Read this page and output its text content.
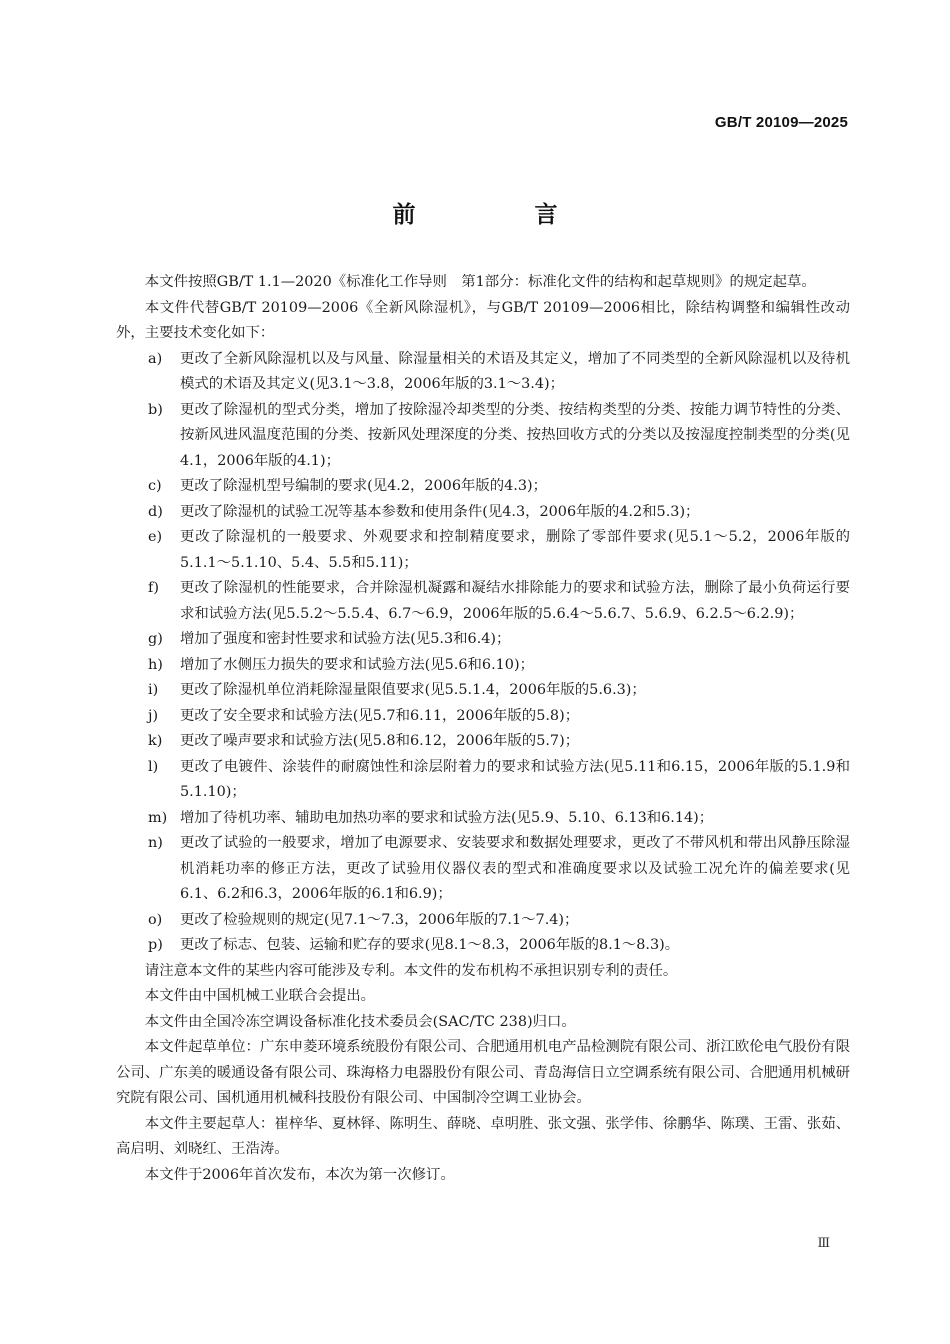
GB/T 20109—2025
前　言

本文件按照GB/T 1.1—2020《标准化工作导则　第1部分：标准化文件的结构和起草规则》的规定起草。

本文件代替GB/T 20109—2006《全新风除湿机》，与GB/T 20109—2006相比，除结构调整和编辑性改动外，主要技术变化如下：

a) 更改了全新风除湿机以及与风量、除湿量相关的术语及其定义，增加了不同类型的全新风除湿机以及待机模式的术语及其定义(见3.1～3.8，2006年版的3.1～3.4)；

b) 更改了除湿机的型式分类，增加了按除湿冷却类型的分类、按结构类型的分类、按能力调节特性的分类、按新风进风温度范围的分类、按新风处理深度的分类、按热回收方式的分类以及按湿度控制类型的分类(见4.1，2006年版的4.1)；

c) 更改了除湿机型号编制的要求(见4.2，2006年版的4.3)；

d) 更改了除湿机的试验工况等基本参数和使用条件(见4.3，2006年版的4.2和5.3)；

e) 更改了除湿机的一般要求、外观要求和控制精度要求，删除了零部件要求(见5.1～5.2，2006年版的5.1.1～5.1.10、5.4、5.5和5.11)；

f) 更改了除湿机的性能要求，合并除湿机凝露和凝结水排除能力的要求和试验方法，删除了最小负荷运行要求和试验方法(见5.5.2～5.5.4、6.7～6.9，2006年版的5.6.4～5.6.7、5.6.9、6.2.5～6.2.9)；

g) 增加了强度和密封性要求和试验方法(见5.3和6.4)；

h) 增加了水侧压力损失的要求和试验方法(见5.6和6.10)；

i) 更改了除湿机单位消耗除湿量限值要求(见5.5.1.4，2006年版的5.6.3)；

j) 更改了安全要求和试验方法(见5.7和6.11，2006年版的5.8)；

k) 更改了噪声要求和试验方法(见5.8和6.12，2006年版的5.7)；

l) 更改了电镀件、涂装件的耐腐蚀性和涂层附着力的要求和试验方法(见5.11和6.15，2006年版的5.1.9和5.1.10)；

m) 增加了待机功率、辅助电加热功率的要求和试验方法(见5.9、5.10、6.13和6.14)；

n) 更改了试验的一般要求，增加了电源要求、安装要求和数据处理要求，更改了不带风机和带出风静压除湿机消耗功率的修正方法，更改了试验用仪器仪表的型式和准确度要求以及试验工况允许的偏差要求(见6.1、6.2和6.3，2006年版的6.1和6.9)；

o) 更改了检验规则的规定(见7.1～7.3，2006年版的7.1～7.4)；

p) 更改了标志、包装、运输和贮存的要求(见8.1～8.3，2006年版的8.1～8.3)。

请注意本文件的某些内容可能涉及专利。本文件的发布机构不承担识别专利的责任。

本文件由中国机械工业联合会提出。

本文件由全国冷冻空调设备标准化技术委员会(SAC/TC 238)归口。

本文件起草单位：广东申菱环境系统股份有限公司、合肥通用机电产品检测院有限公司、浙江欧伦电气股份有限公司、广东美的暖通设备有限公司、珠海格力电器股份有限公司、青岛海信日立空调系统有限公司、合肥通用机械研究院有限公司、国机通用机械科技股份有限公司、中国制冷空调工业协会。

本文件主要起草人：崔梓华、夏林铎、陈明生、薛晓、卓明胜、张文强、张学伟、徐鹏华、陈璞、王雷、张茹、高启明、刘晓红、王浩涛。

本文件于2006年首次发布，本次为第一次修订。

Ⅲ
